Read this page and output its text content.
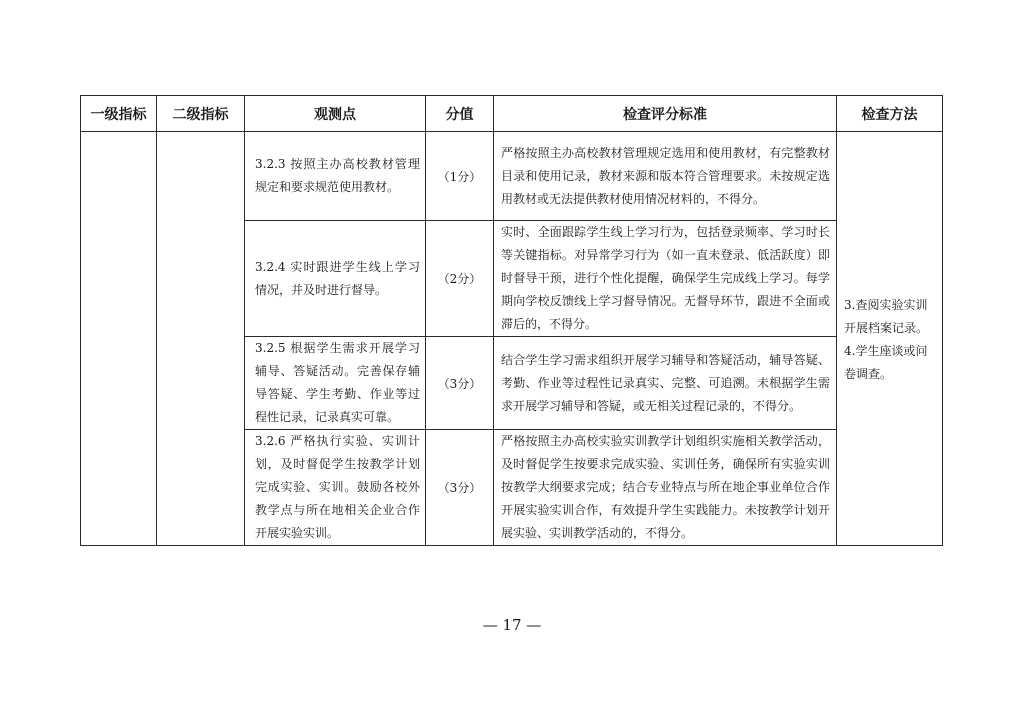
一级指标	二级指标	观测点	分值	检查评分标准	检查方法
		3.2.3 按照主办高校教材管理规定和要求规范使用教材。	（1分）	严格按照主办高校教材管理规定选用和使用教材，有完整教材目录和使用记录，教材来源和版本符合管理要求。未按规定选用教材或无法提供教材使用情况材料的，不得分。	3.查阅实验实训开展档案记录。
4.学生座谈或问卷调查。

		3.2.4 实时跟进学生线上学习情况，并及时进行督导。	（2分）	实时、全面跟踪学生线上学习行为，包括登录频率、学习时长等关键指标。对异常学习行为（如一直未登录、低活跃度）即时督导干预，进行个性化提醒，确保学生完成线上学习。每学期向学校反馈线上学习督导情况。无督导环节，跟进不全面或滞后的，不得分。	
		3.2.5 根据学生需求开展学习辅导、答疑活动。完善保存辅导答疑、学生考勤、作业等过程性记录，记录真实可靠。	（3分）	结合学生学习需求组织开展学习辅导和答疑活动，辅导答疑、考勤、作业等过程性记录真实、完整、可追溯。未根据学生需求开展学习辅导和答疑，或无相关过程记录的，不得分。	
		3.2.6 严格执行实验、实训计划，及时督促学生按教学计划完成实验、实训。鼓励各校外教学点与所在地相关企业合作开展实验实训。	（3分）	严格按照主办高校实验实训教学计划组织实施相关教学活动，及时督促学生按要求完成实验、实训任务，确保所有实验实训按教学大纲要求完成；结合专业特点与所在地企事业单位合作开展实验实训合作，有效提升学生实践能力。未按教学计划开展实验、实训教学活动的，不得分。	
— 17 —
